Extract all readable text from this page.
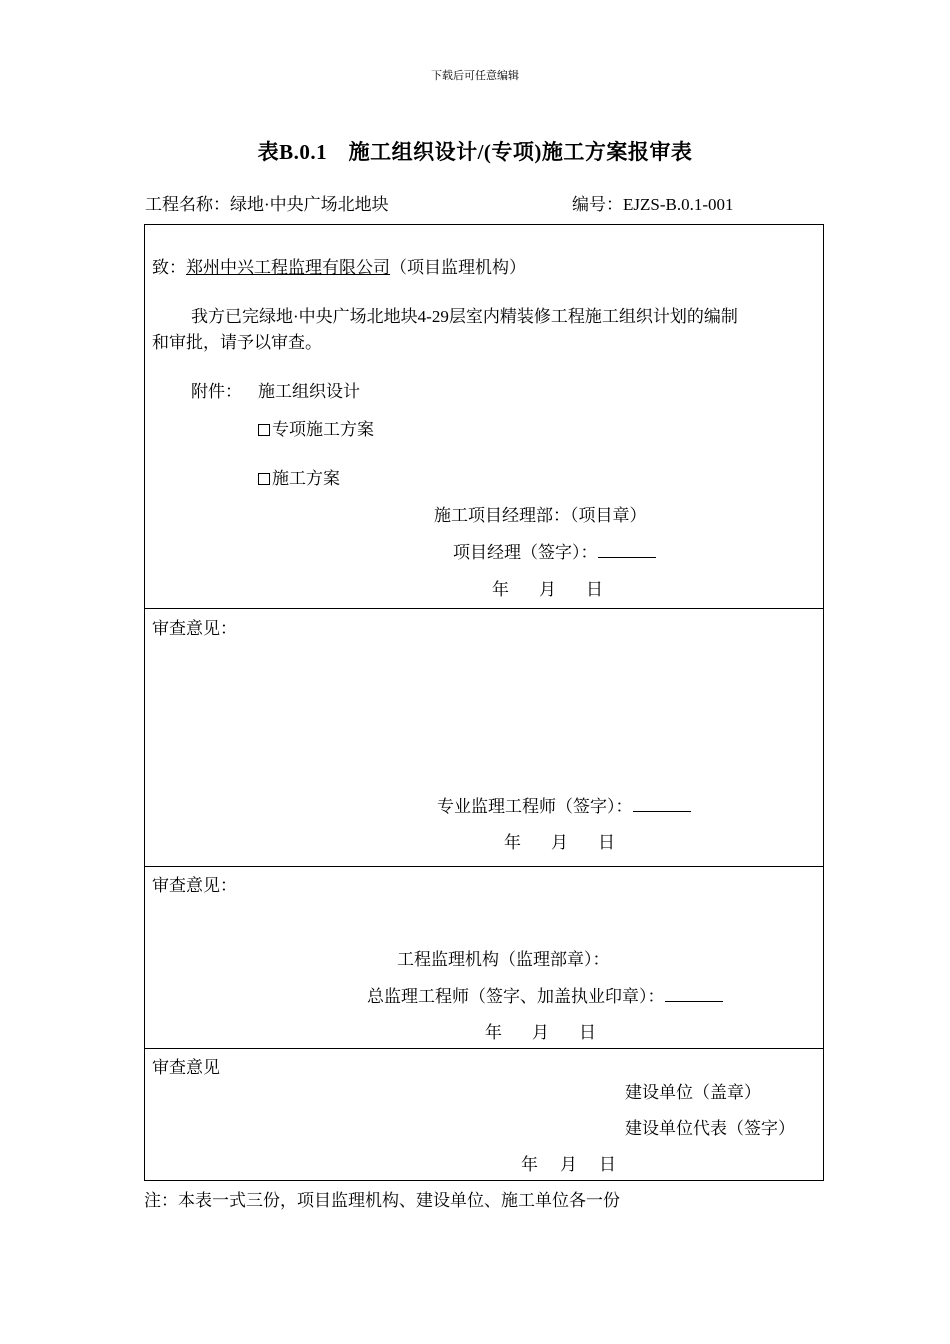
下载后可任意编辑
表B.0.1　施工组织设计/(专项)施工方案报审表
工程名称：绿地·中央广场北地块	编号：EJZS-B.0.1-001
致：郑州中兴工程监理有限公司（项目监理机构）
我方已完绿地·中央广场北地块4-29层室内精装修工程施工组织计划的编制
和审批，请予以审查。
附件： 施工组织设计
专项施工方案
施工方案
施工项目经理部：（项目章）
项目经理（签字）：
年 月 日
审查意见：
专业监理工程师（签字）：
年 月 日
审查意见：
工程监理机构（监理部章）：
总监理工程师（签字、加盖执业印章）：
年 月 日
审查意见
建设单位（盖章）
建设单位代表（签字）
年 月 日
注：本表一式三份，项目监理机构、建设单位、施工单位各一份
